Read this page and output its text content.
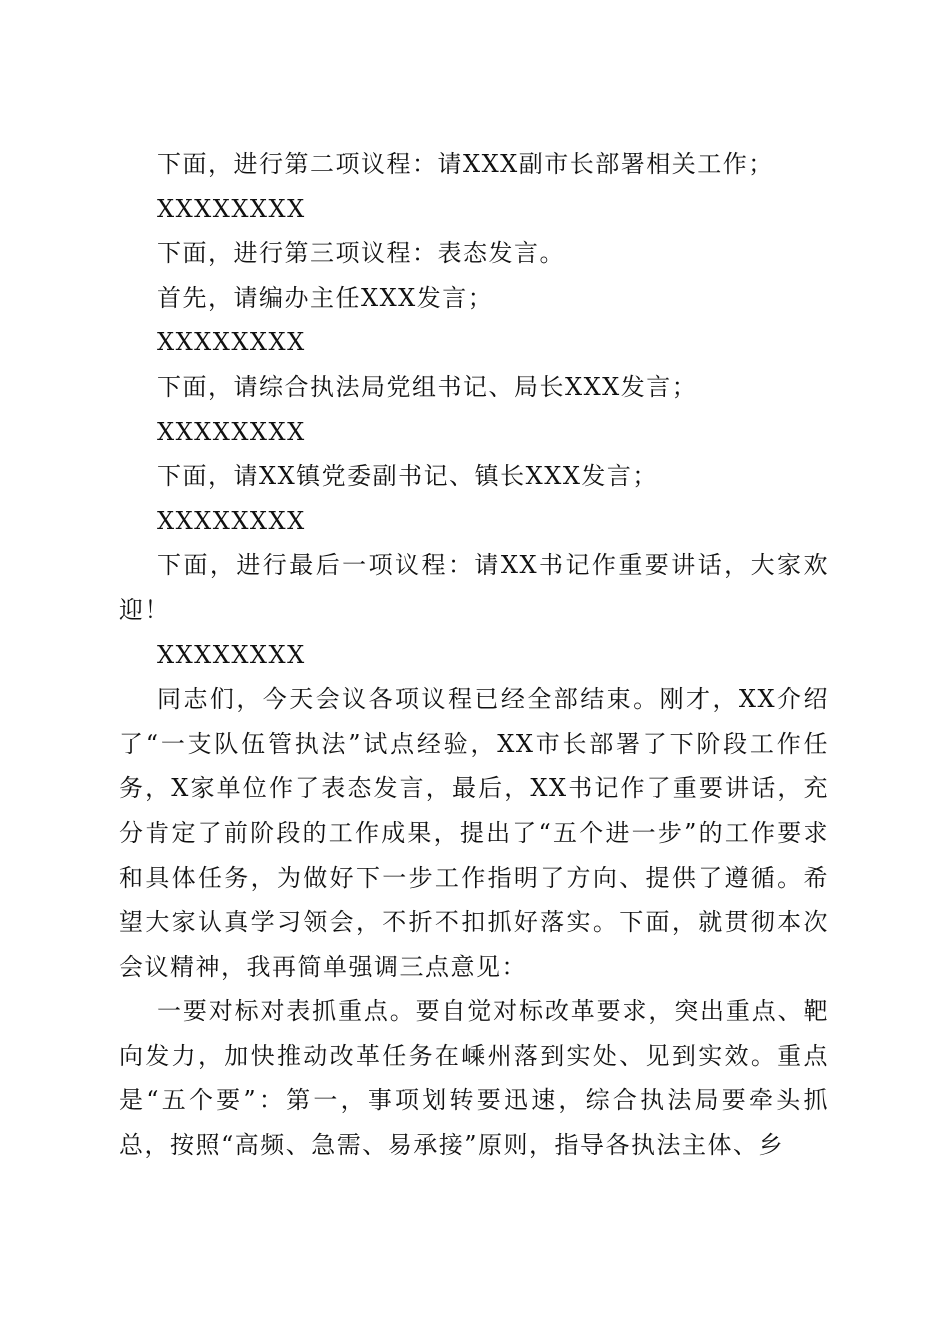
下面，进行第二项议程：请XXX副市长部署相关工作；

XXXXXXXX

下面，进行第三项议程：表态发言。

首先，请编办主任XXX发言；

XXXXXXXX

下面，请综合执法局党组书记、局长XXX发言；

XXXXXXXX

下面，请XX镇党委副书记、镇长XXX发言；

XXXXXXXX

下面，进行最后一项议程：请XX书记作重要讲话，大家欢迎！

XXXXXXXX

同志们，今天会议各项议程已经全部结束。刚才，XX介绍了“一支队伍管执法”试点经验，XX市长部署了下阶段工作任务，X家单位作了表态发言，最后，XX书记作了重要讲话，充分肯定了前阶段的工作成果，提出了“五个进一步”的工作要求和具体任务，为做好下一步工作指明了方向、提供了遵循。希望大家认真学习领会，不折不扣抓好落实。下面，就贯彻本次会议精神，我再简单强调三点意见：

一要对标对表抓重点。要自觉对标改革要求，突出重点、靶向发力，加快推动改革任务在嵊州落到实处、见到实效。重点是“五个要”：第一，事项划转要迅速，综合执法局要牵头抓总，按照“高频、急需、易承接”原则，指导各执法主体、乡
